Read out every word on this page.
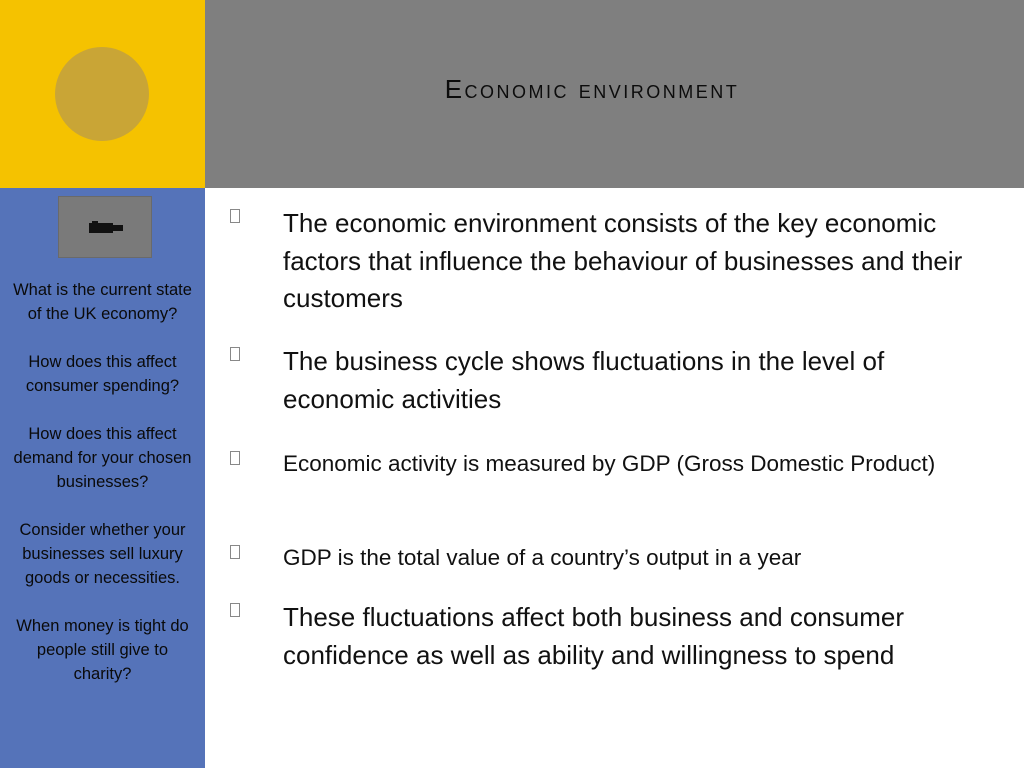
Economic environment

What is the current state of the UK economy?

How does this affect consumer spending?

How does this affect demand for your chosen businesses?

Consider whether your businesses sell luxury goods or necessities.

When money is tight do people still give to charity?

The economic environment consists of the key economic factors that influence the behaviour of businesses and their customers
The business cycle shows fluctuations in the level of economic activities
Economic activity is measured by GDP (Gross Domestic Product)
GDP is the total value of a country’s output in a year
These fluctuations affect both business and consumer confidence as well as ability and willingness to spend
